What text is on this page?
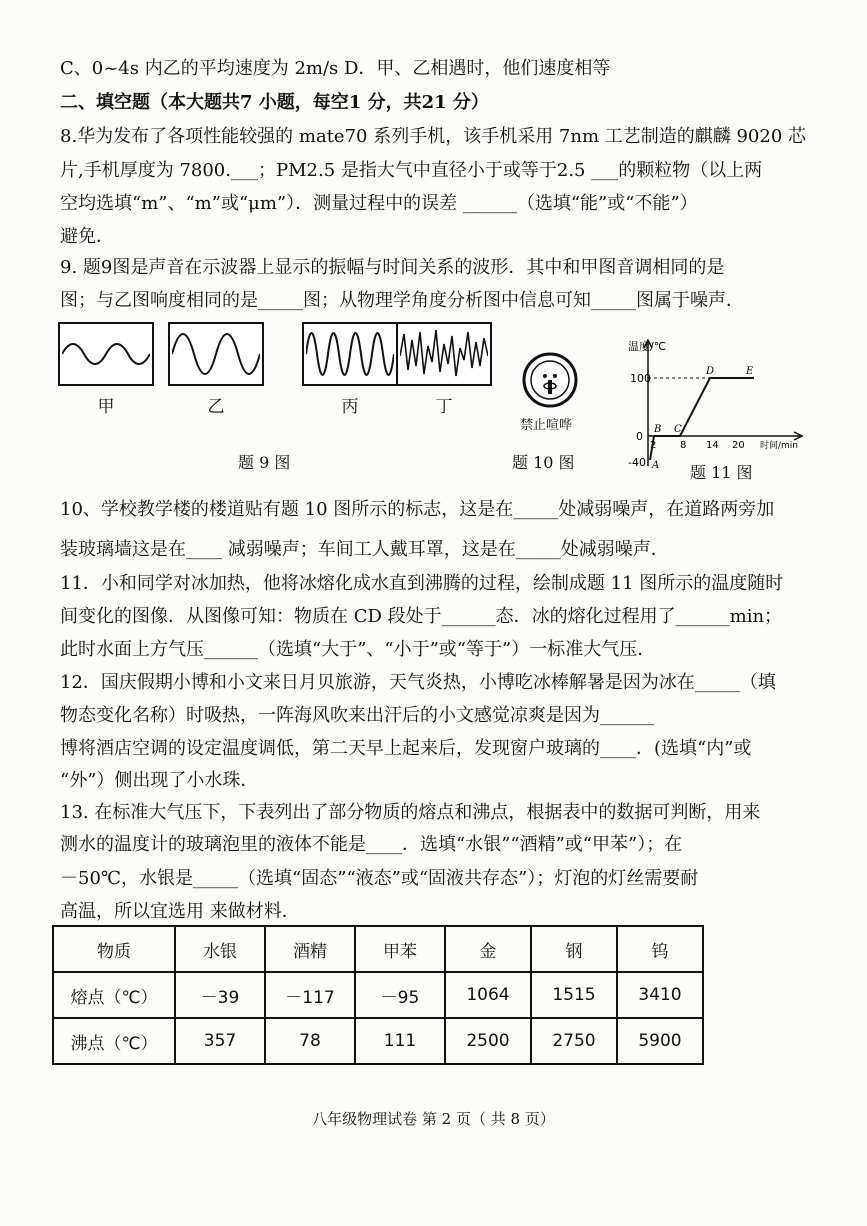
C、0~4s 内乙的平均速度为 2m/s D．甲、乙相遇时，他们速度相等
二、填空题（本大题共7 小题，每空1 分，共21 分）
8.华为发布了各项性能较强的 mate70 系列手机，该手机采用 7nm 工艺制造的麒麟 9020 芯
片,手机厚度为 7800.___；PM2.5 是指大气中直径小于或等于2.5 ___的颗粒物（以上两
空均选填“m”、“m”或“μm”）．测量过程中的误差 ______（选填“能”或“不能”）
避免．
9. 题9图是声音在示波器上显示的振幅与时间关系的波形．其中和甲图音调相同的是
图；与乙图响度相同的是_____图；从物理学角度分析图中信息可知_____图属于噪声．
甲	乙	丙	丁
题 9 图
禁止喧哗
题 10 图
温度/℃
100
0
-40
2 8 14 20 时间/min
A
B C
D	E
题 11 图
10、学校教学楼的楼道贴有题 10 图所示的标志，这是在_____处减弱噪声，在道路两旁加
装玻璃墙这是在____ 减弱噪声；车间工人戴耳罩，这是在_____处减弱噪声．
11．小和同学对冰加热，他将冰熔化成水直到沸腾的过程，绘制成题 11 图所示的温度随时
间变化的图像．从图像可知：物质在 CD 段处于______态．冰的熔化过程用了______min；
此时水面上方气压______（选填“大于”、“小于”或“等于”）一标准大气压．
12．国庆假期小博和小文来日月贝旅游，天气炎热，小博吃冰棒解暑是因为冰在_____（填
物态变化名称）时吸热，一阵海风吹来出汗后的小文感觉凉爽是因为______
博将酒店空调的设定温度调低，第二天早上起来后，发现窗户玻璃的____．(选填“内”或
“外”）侧出现了小水珠．
13. 在标准大气压下，下表列出了部分物质的熔点和沸点，根据表中的数据可判断，用来
测水的温度计的玻璃泡里的液体不能是____．选填“水银”“酒精”或“甲苯”）；在
－50℃，水银是_____（选填“固态”“液态”或“固液共存态”）；灯泡的灯丝需要耐
高温，所以宜选用 来做材料．
物质	水银	酒精	甲苯	金	钢	钨
熔点（℃）	－39	－117	－95	1064	1515	3410
沸点（℃）	357	78	111	2500	2750	5900
八年级物理试卷 第 2 页（ 共 8 页）
